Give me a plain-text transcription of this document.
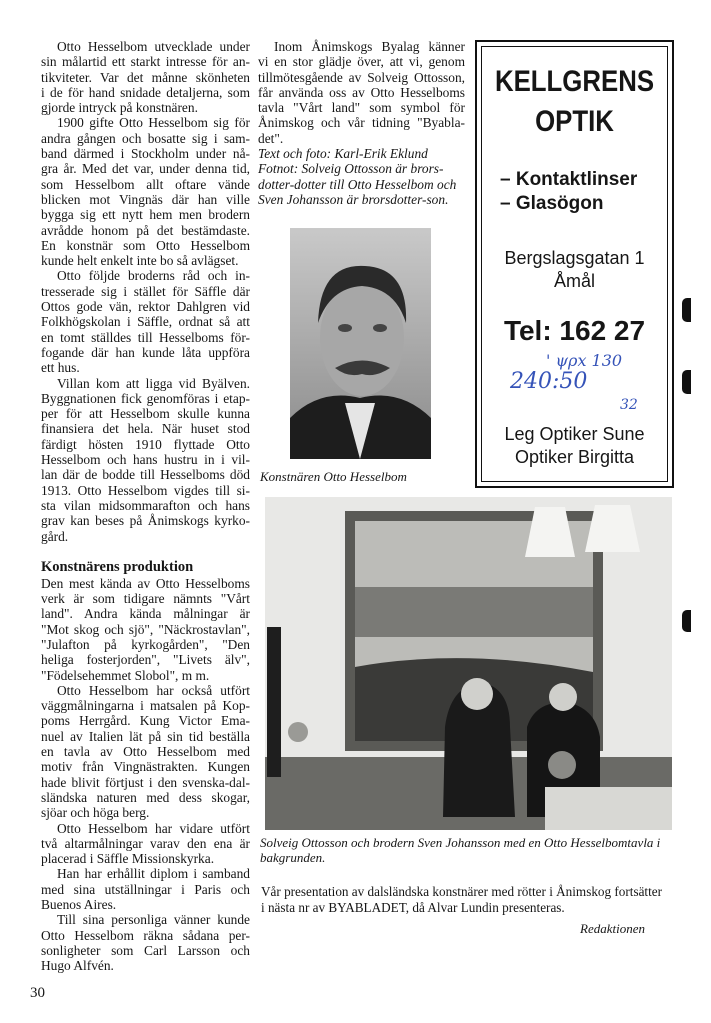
Otto Hesselbom utvecklade under
sin målartid ett starkt intresse för an-
tikviteter. Var det månne skönheten
i de för hand snidade detaljerna, som
gjorde intryck på konstnären.
1900 gifte Otto Hesselbom sig för
andra gången och bosatte sig i sam-
band därmed i Stockholm under nå-
gra år. Med det var, under denna tid,
som Hesselbom allt oftare vände
blicken mot Vingnäs där han ville
bygga sig ett nytt hem men brodern
avrådde honom på det bestämdaste.
En konstnär som Otto Hesselbom
kunde helt enkelt inte bo så avlägset.
Otto följde broderns råd och in-
tresserade sig i stället för Säffle där
Ottos gode vän, rektor Dahlgren vid
Folkhögskolan i Säffle, ordnat så att
en tomt ställdes till Hesselboms för-
fogande där han kunde låta uppföra
ett hus.
Villan kom att ligga vid Byälven.
Byggnationen fick genomföras i etap-
per för att Hesselbom skulle kunna
finansiera det hela. När huset stod
färdigt hösten 1910 flyttade Otto
Hesselbom och hans hustru in i vil-
lan där de bodde till Hesselboms död
1913. Otto Hesselbom vigdes till si-
sta vilan midsommarafton och hans
grav kan beses på Ånimskogs kyrko-
gård.
Konstnärens produktion
Den mest kända av Otto Hesselboms
verk är som tidigare nämnts "Vårt
land". Andra kända målningar är
"Mot skog och sjö", "Näckrostavlan",
"Julafton på kyrkogården", "Den
heliga fosterjorden", "Livets älv",
"Födelsehemmet Slobol", m m.
Otto Hesselbom har också utfört
väggmålningarna i matsalen på Kop-
poms Herrgård. Kung Victor Ema-
nuel av Italien lät på sin tid beställa
en tavla av Otto Hesselbom med
motiv från Vingnästrakten. Kungen
hade blivit förtjust i den svenska-dal-
sländska naturen med dess skogar,
sjöar och höga berg.
Otto Hesselbom har vidare utfört
två altarmålningar varav den ena är
placerad i Säffle Missionskyrka.
Han har erhållit diplom i samband
med sina utställningar i Paris och
Buenos Aires.
Till sina personliga vänner kunde
Otto Hesselbom räkna sådana per-
sonligheter som Carl Larsson och
Hugo Alfvén.
Inom Ånimskogs Byalag känner
vi en stor glädje över, att vi, genom
tillmötesgående av Solveig Ottosson,
får använda oss av Otto Hesselboms
tavla "Vårt land" som symbol för
Ånimskog och vår tidning "Byabla-
det".
Text och foto: Karl-Erik Eklund
Fotnot: Solveig Ottosson är brors-
dotter-dotter till Otto Hesselbom och
Sven Johansson är brorsdotter-son.
KELLGRENS
OPTIK
– Kontaktlinser
– Glasögon
Bergslagsgatan 1
Åmål
Tel: 162 27
' ψρx 130
240:50
32
Leg Optiker Sune
Optiker Birgitta
Konstnären Otto Hesselbom
Solveig Ottosson och brodern Sven Johansson med en Otto Hesselbomtavla i
bakgrunden.
Vår presentation av dalsländska konstnärer med rötter i Ånimskog fortsätter
i nästa nr av BYABLADET, då Alvar Lundin presenteras.
Redaktionen
30
